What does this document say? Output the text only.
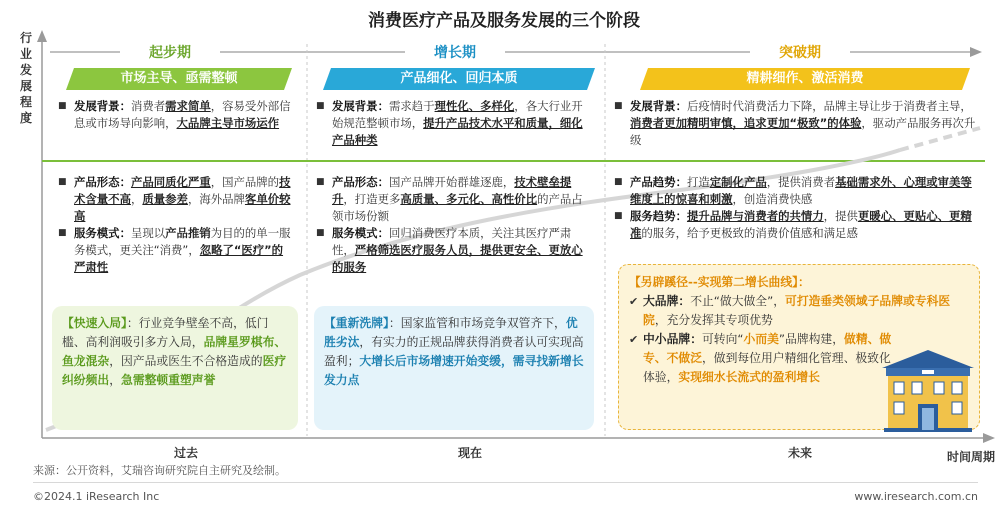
消费医疗产品及服务发展的三个阶段
行业发展程度
起步期	增长期	突破期
市场主导、亟需整顿	产品细化、回归本质	精耕细作、激活消费
■ 发展背景：消费者需求简单，容易受外部信息或市场导向影响，大品牌主导市场运作
■ 产品形态：产品同质化严重，国产品牌的技术含量不高，质量参差，海外品牌客单价较高
■ 服务模式：呈现以产品推销为目的的单一服务模式，更关注“消费”，忽略了“医疗”的严肃性
■ 发展背景：需求趋于理性化、多样化，各大行业开始规范整顿市场，提升产品技术水平和质量，细化产品种类
■ 产品形态：国产品牌开始群雄逐鹿，技术壁垒提升，打造更多高质量、多元化、高性价比的产品占领市场份额
■ 服务模式：回归消费医疗本质，关注其医疗严肃性，严格筛选医疗服务人员，提供更安全、更放心的服务
■ 发展背景：后疫情时代消费活力下降，品牌主导让步于消费者主导，消费者更加精明审慎，追求更加“极致”的体验，驱动产品服务再次升级
■ 产品趋势：打造定制化产品，提供消费者基础需求外、心理或审美等维度上的惊喜和刺激，创造消费快感
■ 服务趋势：提升品牌与消费者的共情力，提供更暖心、更贴心、更精准的服务，给予更极致的消费价值感和满足感
【快速入局】：行业竞争壁垒不高，低门槛、高利润吸引多方入局，品牌星罗棋布、鱼龙混杂，因产品或医生不合格造成的医疗纠纷频出，急需整顿重塑声誉
【重新洗牌】：国家监管和市场竞争双管齐下，优胜劣汰，有实力的正规品牌获得消费者认可实现高盈利；大增长后市场增速开始变缓，需寻找新增长发力点
【另辟蹊径--实现第二增长曲线】：
✔ 大品牌：不止“做大做全”，可打造垂类领域子品牌或专科医院，充分发挥其专项优势
✔ 中小品牌：可转向“小而美”品牌构建，做精、做专、不做泛，做到每位用户精细化管理、极致化体验，实现细水长流式的盈利增长
过去	现在	未来	时间周期
来源：公开资料，艾瑞咨询研究院自主研究及绘制。
©2024.1 iResearch Inc	www.iresearch.com.cn
